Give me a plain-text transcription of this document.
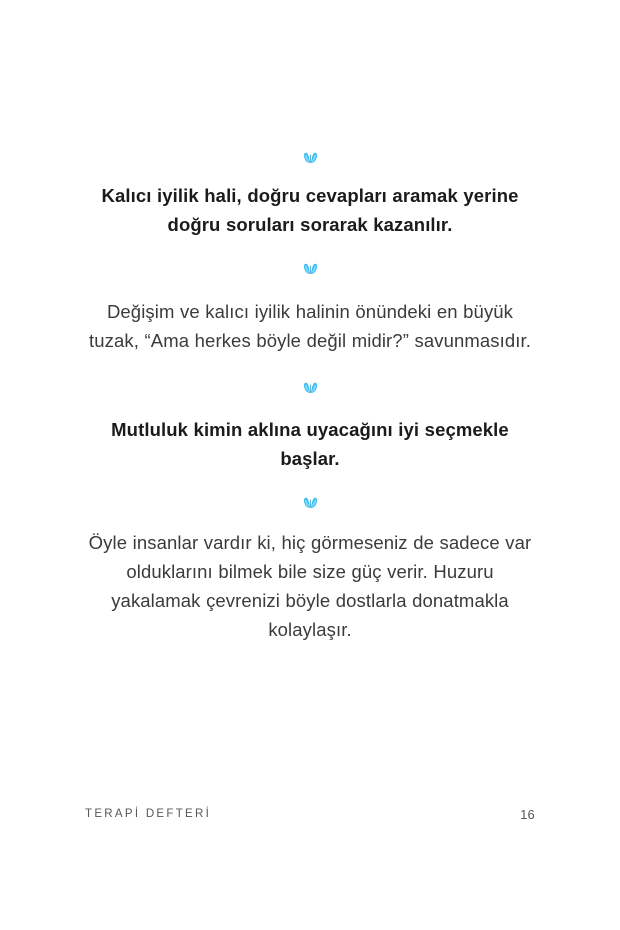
Kalıcı iyilik hali, doğru cevapları aramak yerine doğru soruları sorarak kazanılır.

Değişim ve kalıcı iyilik halinin önündeki en büyük tuzak, “Ama herkes böyle değil midir?” savunmasıdır.

Mutluluk kimin aklına uyacağını iyi seçmekle başlar.

Öyle insanlar vardır ki, hiç görmeseniz de sadece var olduklarını bilmek bile size güç verir. Huzuru yakalamak çevrenizi böyle dostlarla donatmakla kolaylaşır.

TERAPİ DEFTERİ	16
